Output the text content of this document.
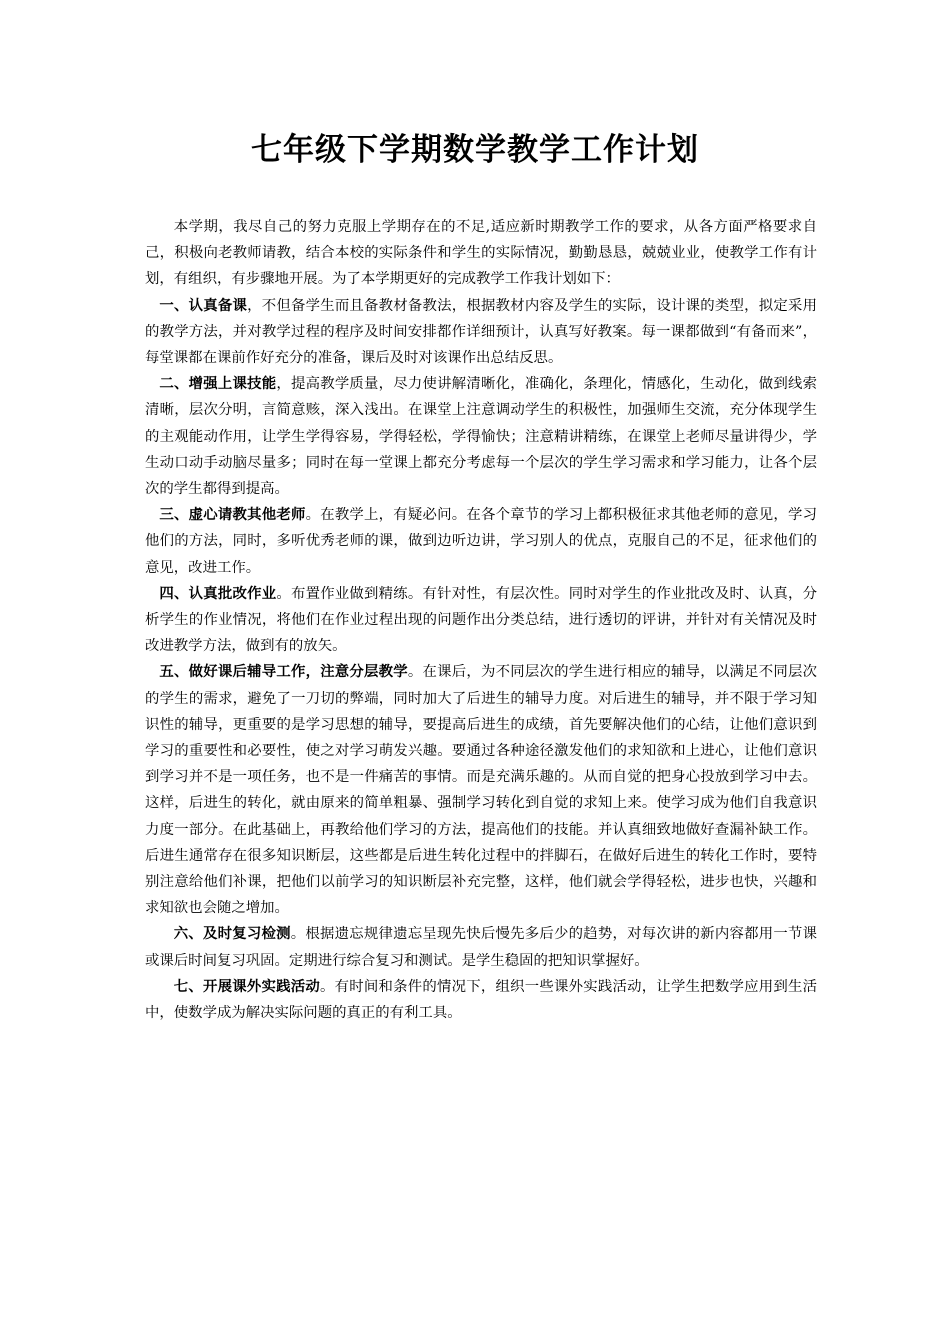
七年级下学期数学教学工作计划

本学期，我尽自己的努力克服上学期存在的不足,适应新时期教学工作的要求，从各方面严格要求自己，积极向老教师请教，结合本校的实际条件和学生的实际情况，勤勤恳恳，兢兢业业，使教学工作有计划，有组织，有步骤地开展。为了本学期更好的完成教学工作我计划如下：

一、认真备课，不但备学生而且备教材备教法，根据教材内容及学生的实际，设计课的类型，拟定采用的教学方法，并对教学过程的程序及时间安排都作详细预计，认真写好教案。每一课都做到“有备而来”，每堂课都在课前作好充分的准备，课后及时对该课作出总结反思。

二、增强上课技能，提高教学质量，尽力使讲解清晰化，准确化，条理化，情感化，生动化，做到线索清晰，层次分明，言简意赅，深入浅出。在课堂上注意调动学生的积极性，加强师生交流，充分体现学生的主观能动作用，让学生学得容易，学得轻松，学得愉快；注意精讲精练，在课堂上老师尽量讲得少，学生动口动手动脑尽量多；同时在每一堂课上都充分考虑每一个层次的学生学习需求和学习能力，让各个层次的学生都得到提高。

三、虚心请教其他老师。在教学上，有疑必问。在各个章节的学习上都积极征求其他老师的意见，学习他们的方法，同时，多听优秀老师的课，做到边听边讲，学习别人的优点，克服自己的不足，征求他们的意见，改进工作。

四、认真批改作业。布置作业做到精练。有针对性，有层次性。同时对学生的作业批改及时、认真，分析学生的作业情况，将他们在作业过程出现的问题作出分类总结，进行透切的评讲，并针对有关情况及时改进教学方法，做到有的放矢。

五、做好课后辅导工作，注意分层教学。在课后，为不同层次的学生进行相应的辅导，以满足不同层次的学生的需求，避免了一刀切的弊端，同时加大了后进生的辅导力度。对后进生的辅导，并不限于学习知识性的辅导，更重要的是学习思想的辅导，要提高后进生的成绩，首先要解决他们的心结，让他们意识到学习的重要性和必要性，使之对学习萌发兴趣。要通过各种途径激发他们的求知欲和上进心，让他们意识到学习并不是一项任务，也不是一件痛苦的事情。而是充满乐趣的。从而自觉的把身心投放到学习中去。这样，后进生的转化，就由原来的简单粗暴、强制学习转化到自觉的求知上来。使学习成为他们自我意识力度一部分。在此基础上，再教给他们学习的方法，提高他们的技能。并认真细致地做好查漏补缺工作。后进生通常存在很多知识断层，这些都是后进生转化过程中的拌脚石，在做好后进生的转化工作时，要特别注意给他们补课，把他们以前学习的知识断层补充完整，这样，他们就会学得轻松，进步也快，兴趣和求知欲也会随之增加。

六、及时复习检测。根据遗忘规律遗忘呈现先快后慢先多后少的趋势，对每次讲的新内容都用一节课或课后时间复习巩固。定期进行综合复习和测试。是学生稳固的把知识掌握好。

七、开展课外实践活动。有时间和条件的情况下，组织一些课外实践活动，让学生把数学应用到生活中，使数学成为解决实际问题的真正的有利工具。
